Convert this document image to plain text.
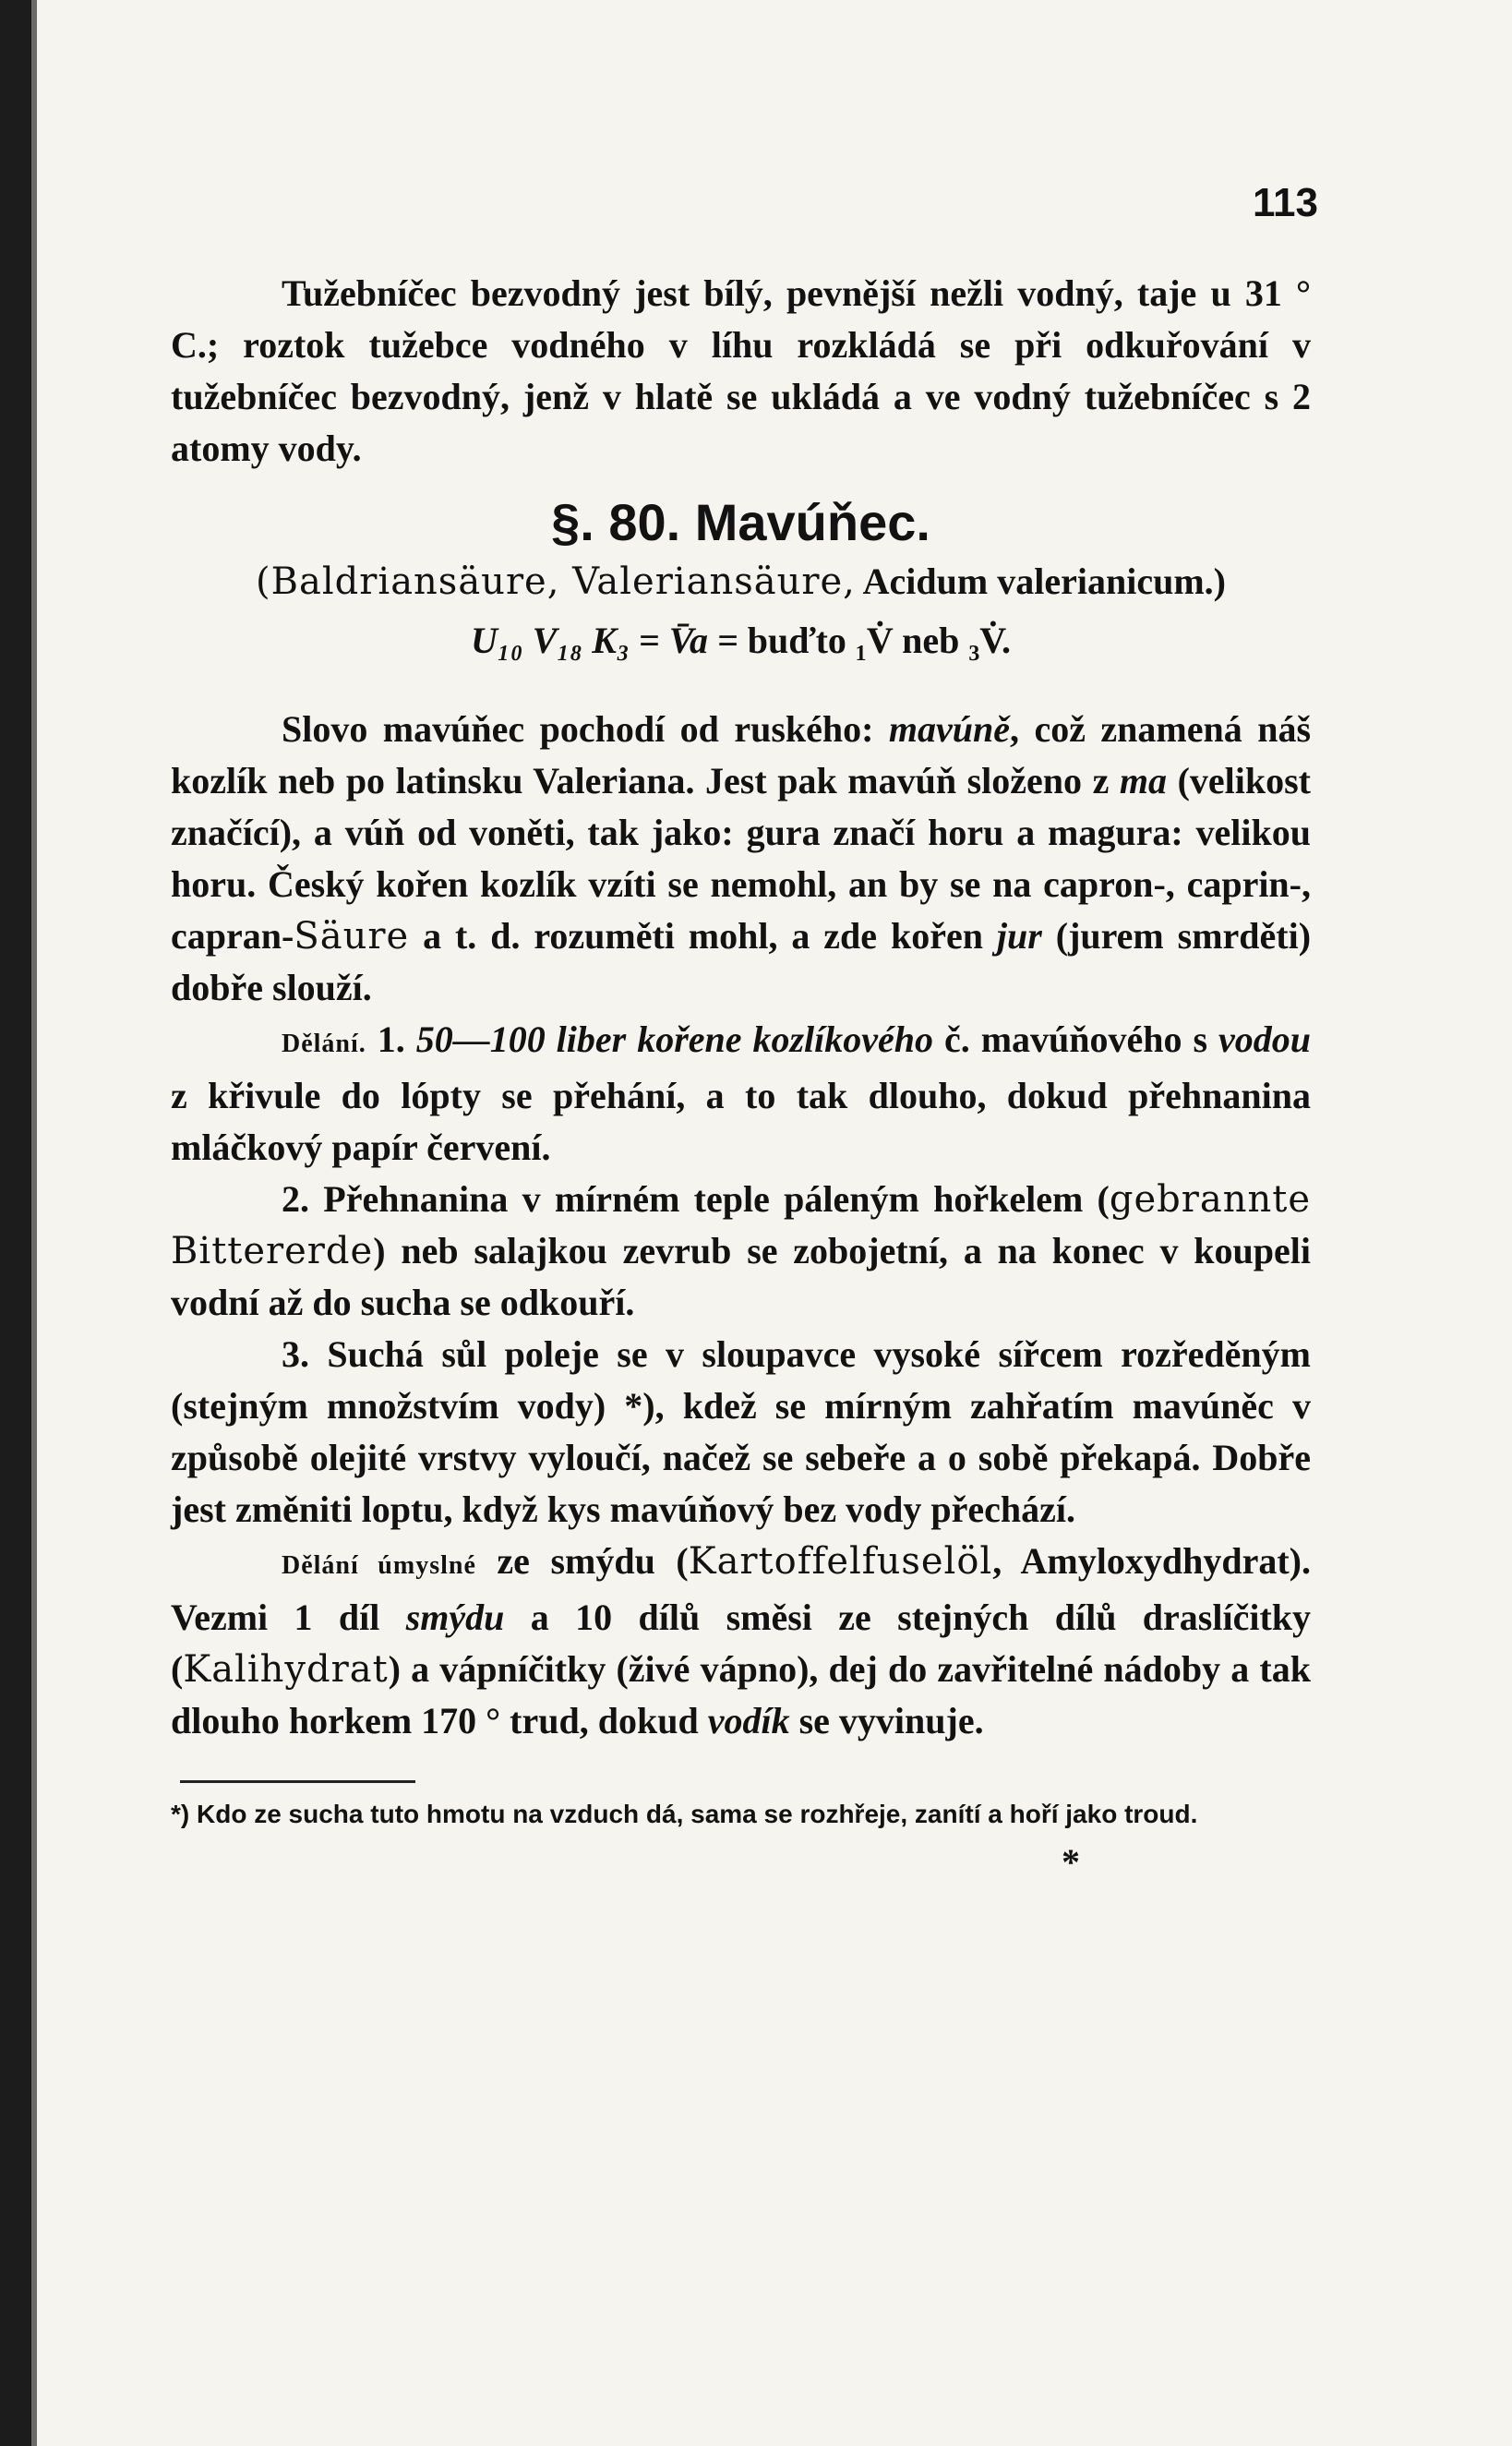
113

Tužebníčec bezvodný jest bílý, pevnější nežli vodný, taje u 31 ° C.; roztok tužebce vodného v líhu rozkládá se při odkuřování v tužebníčec bezvodný, jenž v hlatě se ukládá a ve vodný tužebníčec s 2 atomy vody.

§. 80. Mavúňec.
(Baldriansäure, Valeriansäure, Acidum valerianicum.)
U₁₀ V₁₈ K₃ = V̄a = buďto ₁V̇ neb ₃V̇.

Slovo mavúňec pochodí od ruského: mavúně, což znamená náš kozlík neb po latinsku Valeriana. Jest pak mavúň složeno z ma (velikost značící), a vúň od voněti, tak jako: gura značí horu a magura: velikou horu. Český kořen kozlík vzíti se nemohl, an by se na capron-, caprin-, capran-Säure a t. d. rozuměti mohl, a zde kořen jur (jurem smrděti) dobře slouží.

Dělání. 1. 50—100 liber kořene kozlíkového č. mavúňového s vodou z křivule do lópty se přehání, a to tak dlouho, dokud přehnanina mláčkový papír červení.

2. Přehnanina v mírném teple páleným hořkelem (gebrannte Bittererde) neb salajkou zevrub se zobojetní, a na konec v koupeli vodní až do sucha se odkouří.

3. Suchá sůl poleje se v sloupavce vysoké sířcem rozředěným (stejným množstvím vody) *), kdež se mírným zahřatím mavúněc v způsobě olejité vrstvy vyloučí, načež se sebeře a o sobě překapá. Dobře jest změniti loptu, když kys mavúňový bez vody přechází.

Dělání úmyslné ze smýdu (Kartoffelfuselöl, Amyloxydhydrat). Vezmi 1 díl smýdu a 10 dílů směsi ze stejných dílů draslíčitky (Kalihydrat) a vápníčitky (živé vápno), dej do zavřitelné nádoby a tak dlouho horkem 170 ° trud, dokud vodík se vyvinuje.

*) Kdo ze sucha tuto hmotu na vzduch dá, sama se rozhřeje, zanítí a hoří jako troud.

*
